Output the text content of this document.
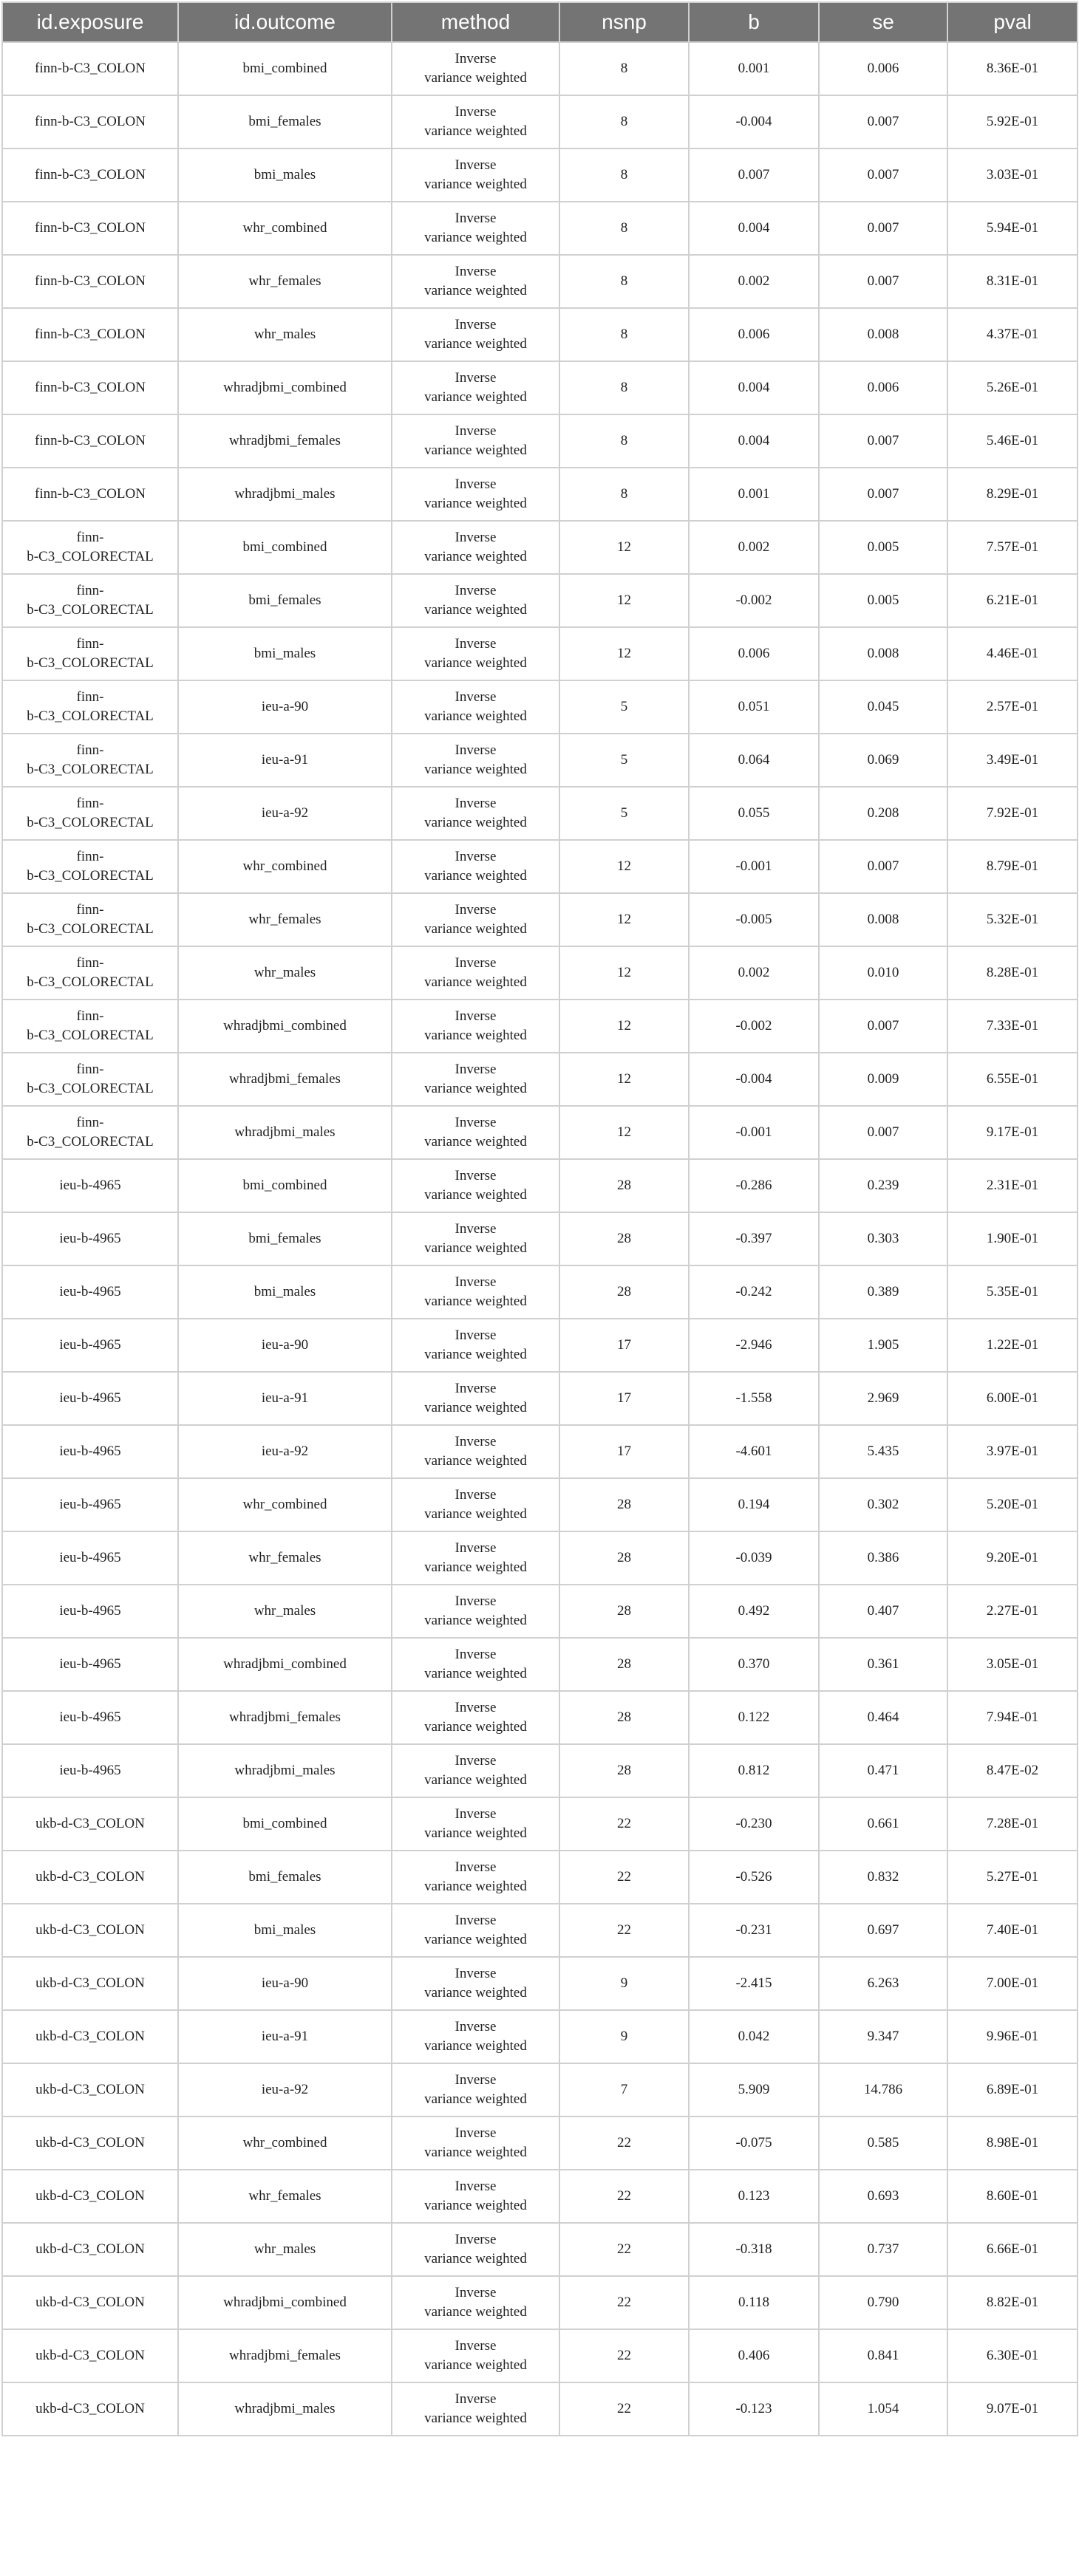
id.exposure	id.outcome	method	nsnp	b	se	pval
finn-b-C3_COLON	bmi_combined	Inverse
variance weighted	8	0.001	0.006	8.36E-01
finn-b-C3_COLON	bmi_females	Inverse
variance weighted	8	-0.004	0.007	5.92E-01
finn-b-C3_COLON	bmi_males	Inverse
variance weighted	8	0.007	0.007	3.03E-01
finn-b-C3_COLON	whr_combined	Inverse
variance weighted	8	0.004	0.007	5.94E-01
finn-b-C3_COLON	whr_females	Inverse
variance weighted	8	0.002	0.007	8.31E-01
finn-b-C3_COLON	whr_males	Inverse
variance weighted	8	0.006	0.008	4.37E-01
finn-b-C3_COLON	whradjbmi_combined	Inverse
variance weighted	8	0.004	0.006	5.26E-01
finn-b-C3_COLON	whradjbmi_females	Inverse
variance weighted	8	0.004	0.007	5.46E-01
finn-b-C3_COLON	whradjbmi_males	Inverse
variance weighted	8	0.001	0.007	8.29E-01

finn-
b-C3_COLORECTAL	bmi_combined	Inverse
variance weighted	12	0.002	0.005	7.57E-01

finn-
b-C3_COLORECTAL	bmi_females	Inverse
variance weighted	12	-0.002	0.005	6.21E-01

finn-
b-C3_COLORECTAL	bmi_males	Inverse
variance weighted	12	0.006	0.008	4.46E-01

finn-
b-C3_COLORECTAL	ieu-a-90	Inverse
variance weighted	5	0.051	0.045	2.57E-01

finn-
b-C3_COLORECTAL	ieu-a-91	Inverse
variance weighted	5	0.064	0.069	3.49E-01

finn-
b-C3_COLORECTAL	ieu-a-92	Inverse
variance weighted	5	0.055	0.208	7.92E-01

finn-
b-C3_COLORECTAL	whr_combined	Inverse
variance weighted	12	-0.001	0.007	8.79E-01

finn-
b-C3_COLORECTAL	whr_females	Inverse
variance weighted	12	-0.005	0.008	5.32E-01

finn-
b-C3_COLORECTAL	whr_males	Inverse
variance weighted	12	0.002	0.010	8.28E-01

finn-
b-C3_COLORECTAL	whradjbmi_combined	Inverse
variance weighted	12	-0.002	0.007	7.33E-01

finn-
b-C3_COLORECTAL	whradjbmi_females	Inverse
variance weighted	12	-0.004	0.009	6.55E-01

finn-
b-C3_COLORECTAL	whradjbmi_males	Inverse
variance weighted	12	-0.001	0.007	9.17E-01
ieu-b-4965	bmi_combined	Inverse
variance weighted	28	-0.286	0.239	2.31E-01
ieu-b-4965	bmi_females	Inverse
variance weighted	28	-0.397	0.303	1.90E-01
ieu-b-4965	bmi_males	Inverse
variance weighted	28	-0.242	0.389	5.35E-01
ieu-b-4965	ieu-a-90	Inverse
variance weighted	17	-2.946	1.905	1.22E-01
ieu-b-4965	ieu-a-91	Inverse
variance weighted	17	-1.558	2.969	6.00E-01
ieu-b-4965	ieu-a-92	Inverse
variance weighted	17	-4.601	5.435	3.97E-01
ieu-b-4965	whr_combined	Inverse
variance weighted	28	0.194	0.302	5.20E-01
ieu-b-4965	whr_females	Inverse
variance weighted	28	-0.039	0.386	9.20E-01
ieu-b-4965	whr_males	Inverse
variance weighted	28	0.492	0.407	2.27E-01
ieu-b-4965	whradjbmi_combined	Inverse
variance weighted	28	0.370	0.361	3.05E-01
ieu-b-4965	whradjbmi_females	Inverse
variance weighted	28	0.122	0.464	7.94E-01
ieu-b-4965	whradjbmi_males	Inverse
variance weighted	28	0.812	0.471	8.47E-02
ukb-d-C3_COLON	bmi_combined	Inverse
variance weighted	22	-0.230	0.661	7.28E-01
ukb-d-C3_COLON	bmi_females	Inverse
variance weighted	22	-0.526	0.832	5.27E-01
ukb-d-C3_COLON	bmi_males	Inverse
variance weighted	22	-0.231	0.697	7.40E-01
ukb-d-C3_COLON	ieu-a-90	Inverse
variance weighted	9	-2.415	6.263	7.00E-01
ukb-d-C3_COLON	ieu-a-91	Inverse
variance weighted	9	0.042	9.347	9.96E-01
ukb-d-C3_COLON	ieu-a-92	Inverse
variance weighted	7	5.909	14.786	6.89E-01
ukb-d-C3_COLON	whr_combined	Inverse
variance weighted	22	-0.075	0.585	8.98E-01
ukb-d-C3_COLON	whr_females	Inverse
variance weighted	22	0.123	0.693	8.60E-01
ukb-d-C3_COLON	whr_males	Inverse
variance weighted	22	-0.318	0.737	6.66E-01
ukb-d-C3_COLON	whradjbmi_combined	Inverse
variance weighted	22	0.118	0.790	8.82E-01
ukb-d-C3_COLON	whradjbmi_females	Inverse
variance weighted	22	0.406	0.841	6.30E-01
ukb-d-C3_COLON	whradjbmi_males	Inverse
variance weighted	22	-0.123	1.054	9.07E-01
